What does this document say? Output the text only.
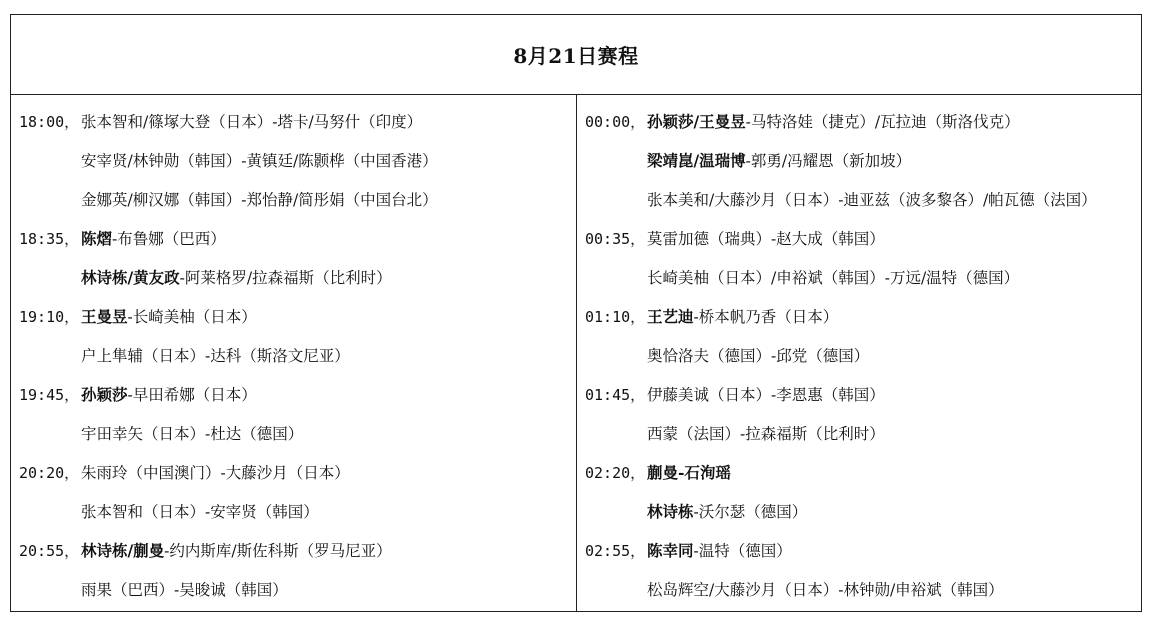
8月21日赛程
18:00， 张本智和/篠塚大登（日本）-塔卡/马努什（印度）
安宰贤/林钟勋（韩国）-黄镇廷/陈颢桦（中国香港）
金娜英/柳汉娜（韩国）-郑怡静/简彤娟（中国台北）
18:35， 陈熠-布鲁娜（巴西）
林诗栋/黄友政-阿莱格罗/拉森福斯（比利时）
19:10， 王曼昱-长崎美柚（日本）
户上隼辅（日本）-达科（斯洛文尼亚）
19:45， 孙颖莎-早田希娜（日本）
宇田幸矢（日本）-杜达（德国）
20:20， 朱雨玲（中国澳门）-大藤沙月（日本）
张本智和（日本）-安宰贤（韩国）
20:55， 林诗栋/蒯曼-约内斯库/斯佐科斯（罗马尼亚）
雨果（巴西）-吴晙诚（韩国）
00:00， 孙颖莎/王曼昱-马特洛娃（捷克）/瓦拉迪（斯洛伐克）
梁靖崑/温瑞博-郭勇/冯耀恩（新加坡）
张本美和/大藤沙月（日本）-迪亚兹（波多黎各）/帕瓦德（法国）
00:35， 莫雷加德（瑞典）-赵大成（韩国）
长崎美柚（日本）/申裕斌（韩国）-万远/温特（德国）
01:10， 王艺迪-桥本帆乃香（日本）
奥恰洛夫（德国）-邱党（德国）
01:45， 伊藤美诚（日本）-李恩惠（韩国）
西蒙（法国）-拉森福斯（比利时）
02:20， 蒯曼-石洵瑶
林诗栋-沃尔瑟（德国）
02:55， 陈幸同-温特（德国）
松岛辉空/大藤沙月（日本）-林钟勋/申裕斌（韩国）
